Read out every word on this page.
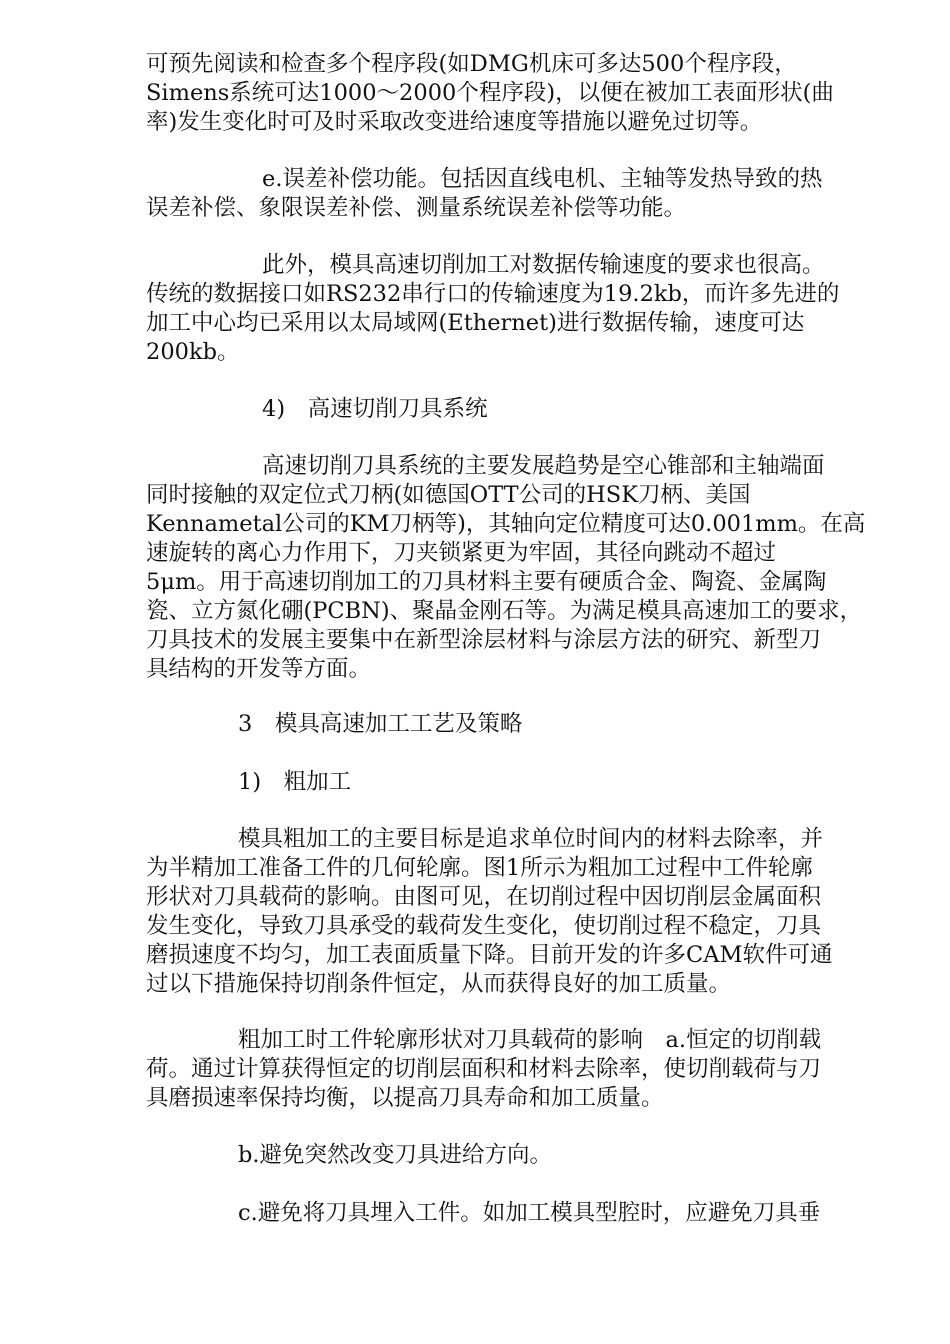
可预先阅读和检查多个程序段(如DMG机床可多达500个程序段，
Simens系统可达1000～2000个程序段)，以便在被加工表面形状(曲
率)发生变化时可及时采取改变进给速度等措施以避免过切等。
e.误差补偿功能。包括因直线电机、主轴等发热导致的热
误差补偿、象限误差补偿、测量系统误差补偿等功能。
此外，模具高速切削加工对数据传输速度的要求也很高。
传统的数据接口如RS232串行口的传输速度为19.2kb，而许多先进的
加工中心均已采用以太局域网(Ethernet)进行数据传输，速度可达
200kb。
4)　高速切削刀具系统
高速切削刀具系统的主要发展趋势是空心锥部和主轴端面
同时接触的双定位式刀柄(如德国OTT公司的HSK刀柄、美国
Kennametal公司的KM刀柄等)，其轴向定位精度可达0.001mm。在高
速旋转的离心力作用下，刀夹锁紧更为牢固，其径向跳动不超过
5μm。用于高速切削加工的刀具材料主要有硬质合金、陶瓷、金属陶
瓷、立方氮化硼(PCBN)、聚晶金刚石等。为满足模具高速加工的要求，
刀具技术的发展主要集中在新型涂层材料与涂层方法的研究、新型刀
具结构的开发等方面。
3　模具高速加工工艺及策略
1)　粗加工
模具粗加工的主要目标是追求单位时间内的材料去除率，并
为半精加工准备工件的几何轮廓。图1所示为粗加工过程中工件轮廓
形状对刀具载荷的影响。由图可见，在切削过程中因切削层金属面积
发生变化，导致刀具承受的载荷发生变化，使切削过程不稳定，刀具
磨损速度不均匀，加工表面质量下降。目前开发的许多CAM软件可通
过以下措施保持切削条件恒定，从而获得良好的加工质量。
粗加工时工件轮廓形状对刀具载荷的影响　a.恒定的切削载
荷。通过计算获得恒定的切削层面积和材料去除率，使切削载荷与刀
具磨损速率保持均衡，以提高刀具寿命和加工质量。
b.避免突然改变刀具进给方向。
c.避免将刀具埋入工件。如加工模具型腔时，应避免刀具垂
